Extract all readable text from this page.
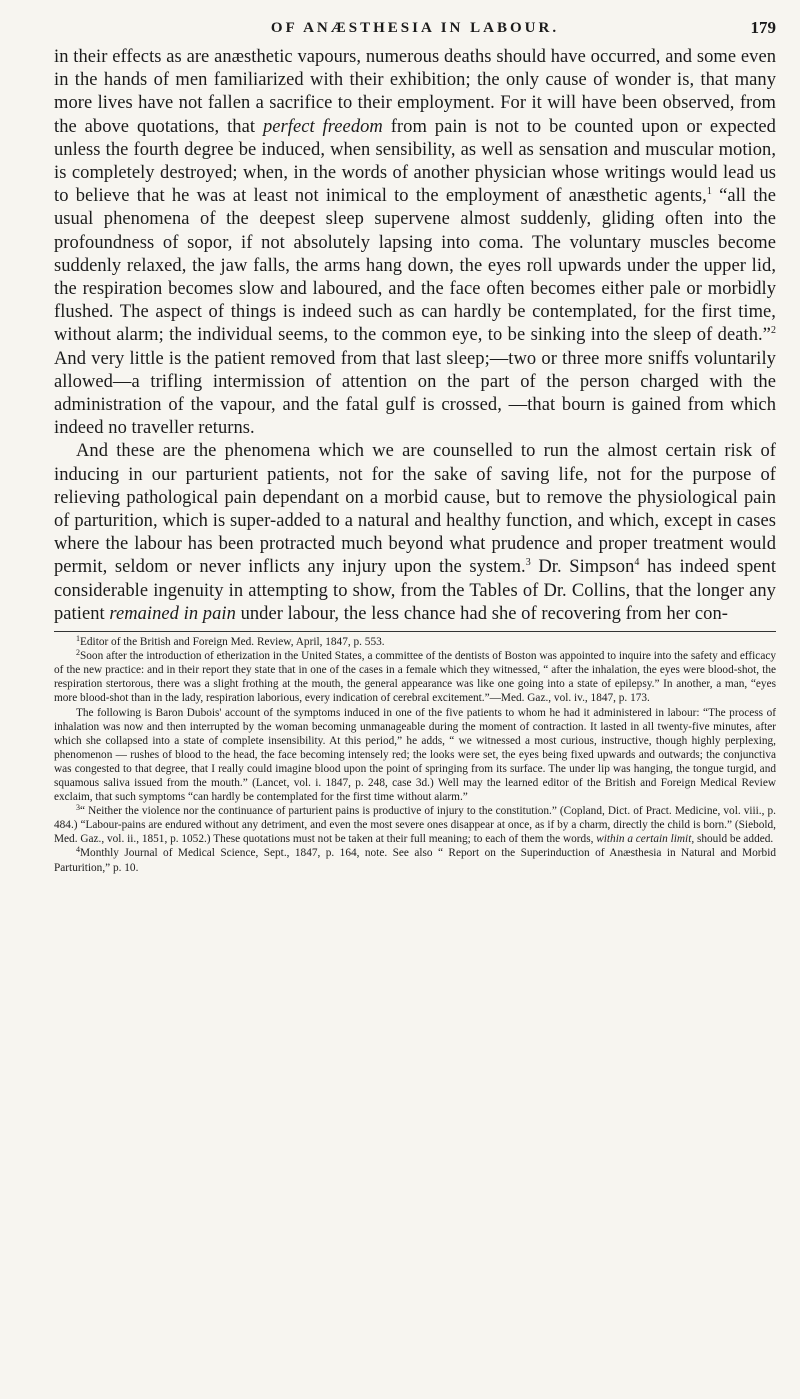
OF ANÆSTHESIA IN LABOUR.	179

in their effects as are anæsthetic vapours, numerous deaths should have occurred, and some even in the hands of men familiarized with their exhibition; the only cause of wonder is, that many more lives have not fallen a sacrifice to their employment. For it will have been observed, from the above quotations, that perfect freedom from pain is not to be counted upon or expected unless the fourth degree be induced, when sensibility, as well as sensation and muscular motion, is completely destroyed; when, in the words of another physician whose writings would lead us to believe that he was at least not inimical to the employment of anæsthetic agents,$^1$ “all the usual phenomena of the deepest sleep supervene almost suddenly, gliding often into the profoundness of sopor, if not absolutely lapsing into coma. The voluntary muscles become suddenly relaxed, the jaw falls, the arms hang down, the eyes roll upwards under the upper lid, the respiration becomes slow and laboured, and the face often becomes either pale or morbidly flushed. The aspect of things is indeed such as can hardly be contemplated, for the first time, without alarm; the individual seems, to the common eye, to be sinking into the sleep of death.”$^2$ And very little is the patient removed from that last sleep;—two or three more sniffs voluntarily allowed—a trifling intermission of attention on the part of the person charged with the administration of the vapour, and the fatal gulf is crossed, —that bourn is gained from which indeed no traveller returns.

And these are the phenomena which we are counselled to run the almost certain risk of inducing in our parturient patients, not for the sake of saving life, not for the purpose of relieving pathological pain dependant on a morbid cause, but to remove the physiological pain of parturition, which is super-added to a natural and healthy function, and which, except in cases where the labour has been protracted much beyond what prudence and proper treatment would permit, seldom or never inflicts any injury upon the system.$^3$ Dr. Simpson$^4$ has indeed spent considerable ingenuity in attempting to show, from the Tables of Dr. Collins, that the longer any patient remained in pain under labour, the less chance had she of recovering from her con-

$^1$Editor of the British and Foreign Med. Review, April, 1847, p. 553.

$^2$Soon after the introduction of etherization in the United States, a committee of the dentists of Boston was appointed to inquire into the safety and efficacy of the new practice: and in their report they state that in one of the cases in a female which they witnessed, “ after the inhalation, the eyes were blood-shot, the respiration stertorous, there was a slight frothing at the mouth, the general appearance was like one going into a state of epilepsy.” In another, a man, “eyes more blood-shot than in the lady, respiration laborious, every indication of cerebral excitement.”—Med. Gaz., vol. iv., 1847, p. 173.

The following is Baron Dubois' account of the symptoms induced in one of the five patients to whom he had it administered in labour: “The process of inhalation was now and then interrupted by the woman becoming unmanageable during the moment of contraction. It lasted in all twenty-five minutes, after which she collapsed into a state of complete insensibility. At this period,” he adds, “ we witnessed a most curious, instructive, though highly perplexing, phenomenon — rushes of blood to the head, the face becoming intensely red; the looks were set, the eyes being fixed upwards and outwards; the conjunctiva was congested to that degree, that I really could imagine blood upon the point of springing from its surface. The under lip was hanging, the tongue turgid, and squamous saliva issued from the mouth.” (Lancet, vol. i. 1847, p. 248, case 3d.) Well may the learned editor of the British and Foreign Medical Review exclaim, that such symptoms “can hardly be contemplated for the first time without alarm.”

$^3$“ Neither the violence nor the continuance of parturient pains is productive of injury to the constitution.” (Copland, Dict. of Pract. Medicine, vol. viii., p. 484.) “Labour-pains are endured without any detriment, and even the most severe ones disappear at once, as if by a charm, directly the child is born.” (Siebold, Med. Gaz., vol. ii., 1851, p. 1052.) These quotations must not be taken at their full meaning; to each of them the words, within a certain limit, should be added.

$^4$Monthly Journal of Medical Science, Sept., 1847, p. 164, note. See also “ Report on the Superinduction of Anæsthesia in Natural and Morbid Parturition,” p. 10.
